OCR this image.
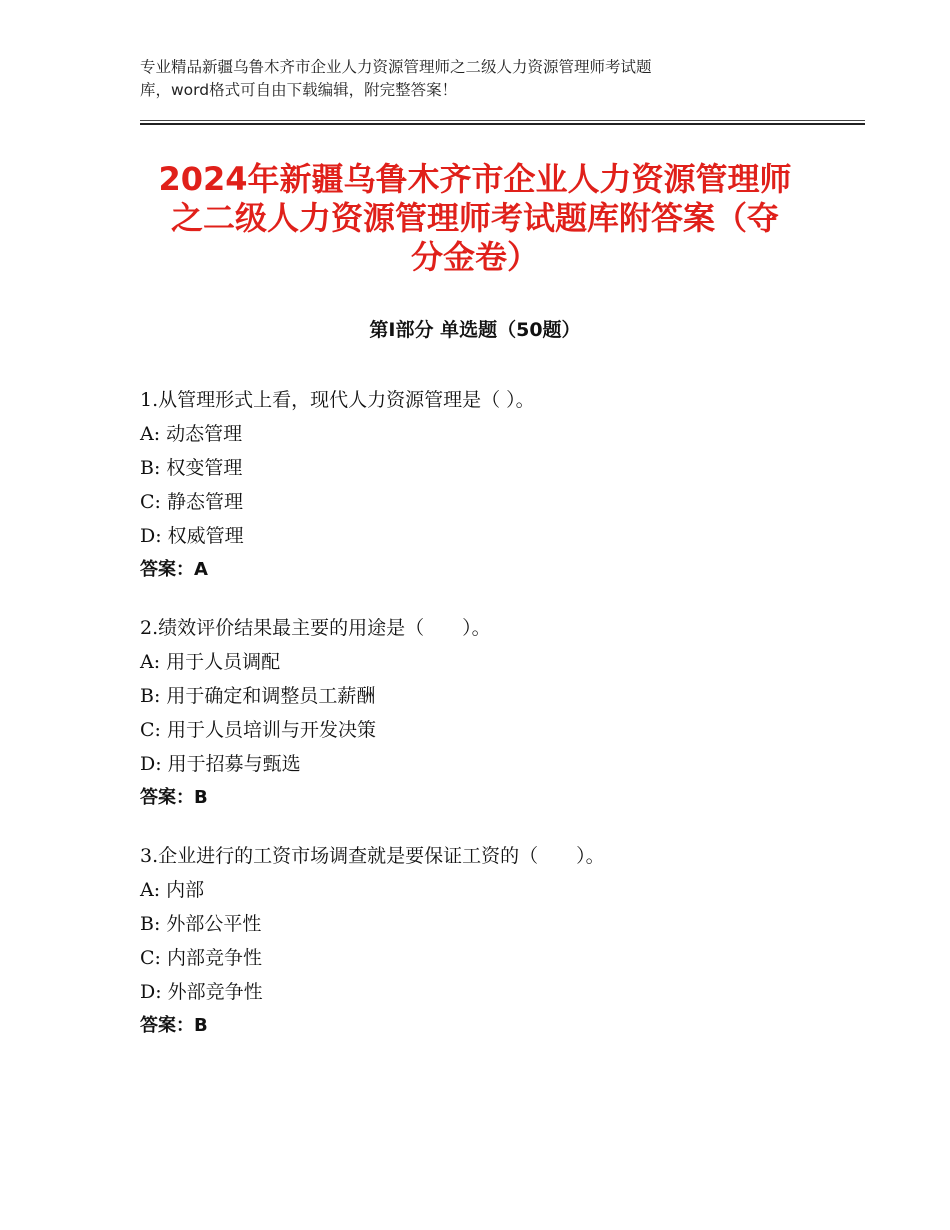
专业精品新疆乌鲁木齐市企业人力资源管理师之二级人力资源管理师考试题
库，word格式可自由下载编辑，附完整答案！
2024年新疆乌鲁木齐市企业人力资源管理师
之二级人力资源管理师考试题库附答案（夺
分金卷）
第Ⅰ部分 单选题（50题）
1.从管理形式上看，现代人力资源管理是（ ）。
A: 动态管理
B: 权变管理
C: 静态管理
D: 权威管理
答案：A
2.绩效评价结果最主要的用途是（　　）。
A: 用于人员调配
B: 用于确定和调整员工薪酬
C: 用于人员培训与开发决策
D: 用于招募与甄选
答案：B
3.企业进行的工资市场调查就是要保证工资的（　　）。
A: 内部
B: 外部公平性
C: 内部竞争性
D: 外部竞争性
答案：B
